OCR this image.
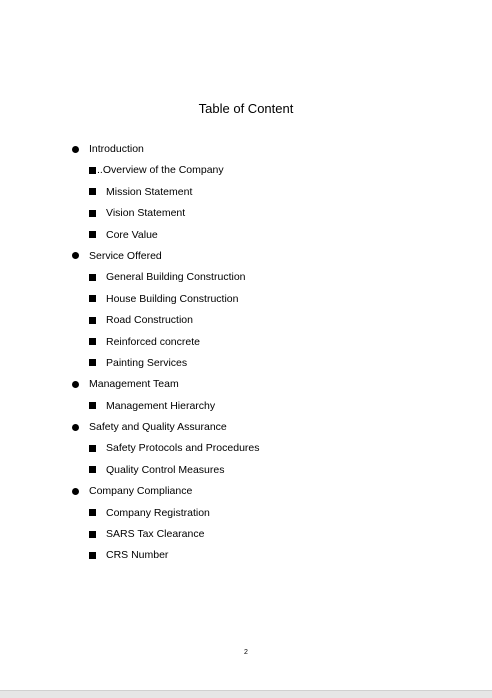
Table of Content
Introduction
..Overview of the Company
Mission Statement
Vision Statement
Core Value
Service Offered
General Building Construction
House Building Construction
Road Construction
Reinforced concrete
Painting Services
Management Team
Management Hierarchy
Safety and Quality Assurance
Safety Protocols and Procedures
Quality Control Measures
Company Compliance
Company Registration
SARS Tax Clearance
CRS Number
2
